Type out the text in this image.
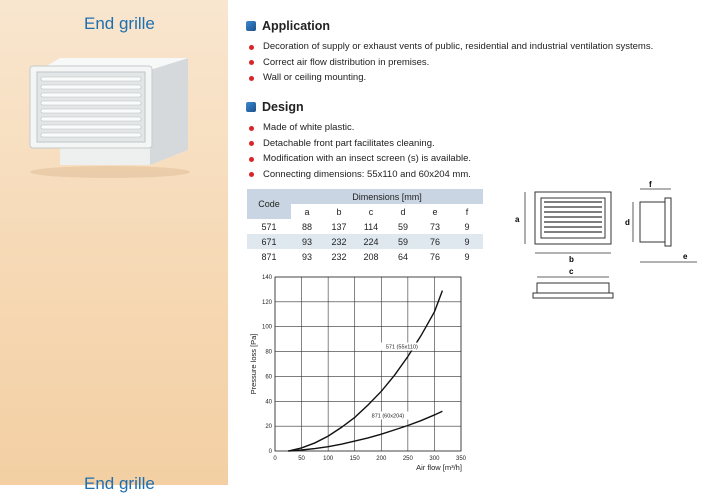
End grille
End grille
Application
Decoration of supply or exhaust vents of public, residential and industrial ventilation systems.
Correct air flow distribution in premises.
Wall or ceiling mounting.
Design
Made of white plastic.
Detachable front part facilitates cleaning.
Modification with an insect screen (s) is available.
Connecting dimensions: 55x110 and 60x204 mm.
Code	Dimensions [mm]					
	a	b	c	d	e	f
571	88	137	114	59	73	9
671	93	232	224	59	76	9
871	93	232	208	64	76	9
0	50	100	150	200	250	300	350
0
20
40
60
80
100
120
140
Air flow [m³/h]
Pressure loss [Pa]	571 (55x110)
871 (60x204)
a
b
f
d
e
c
